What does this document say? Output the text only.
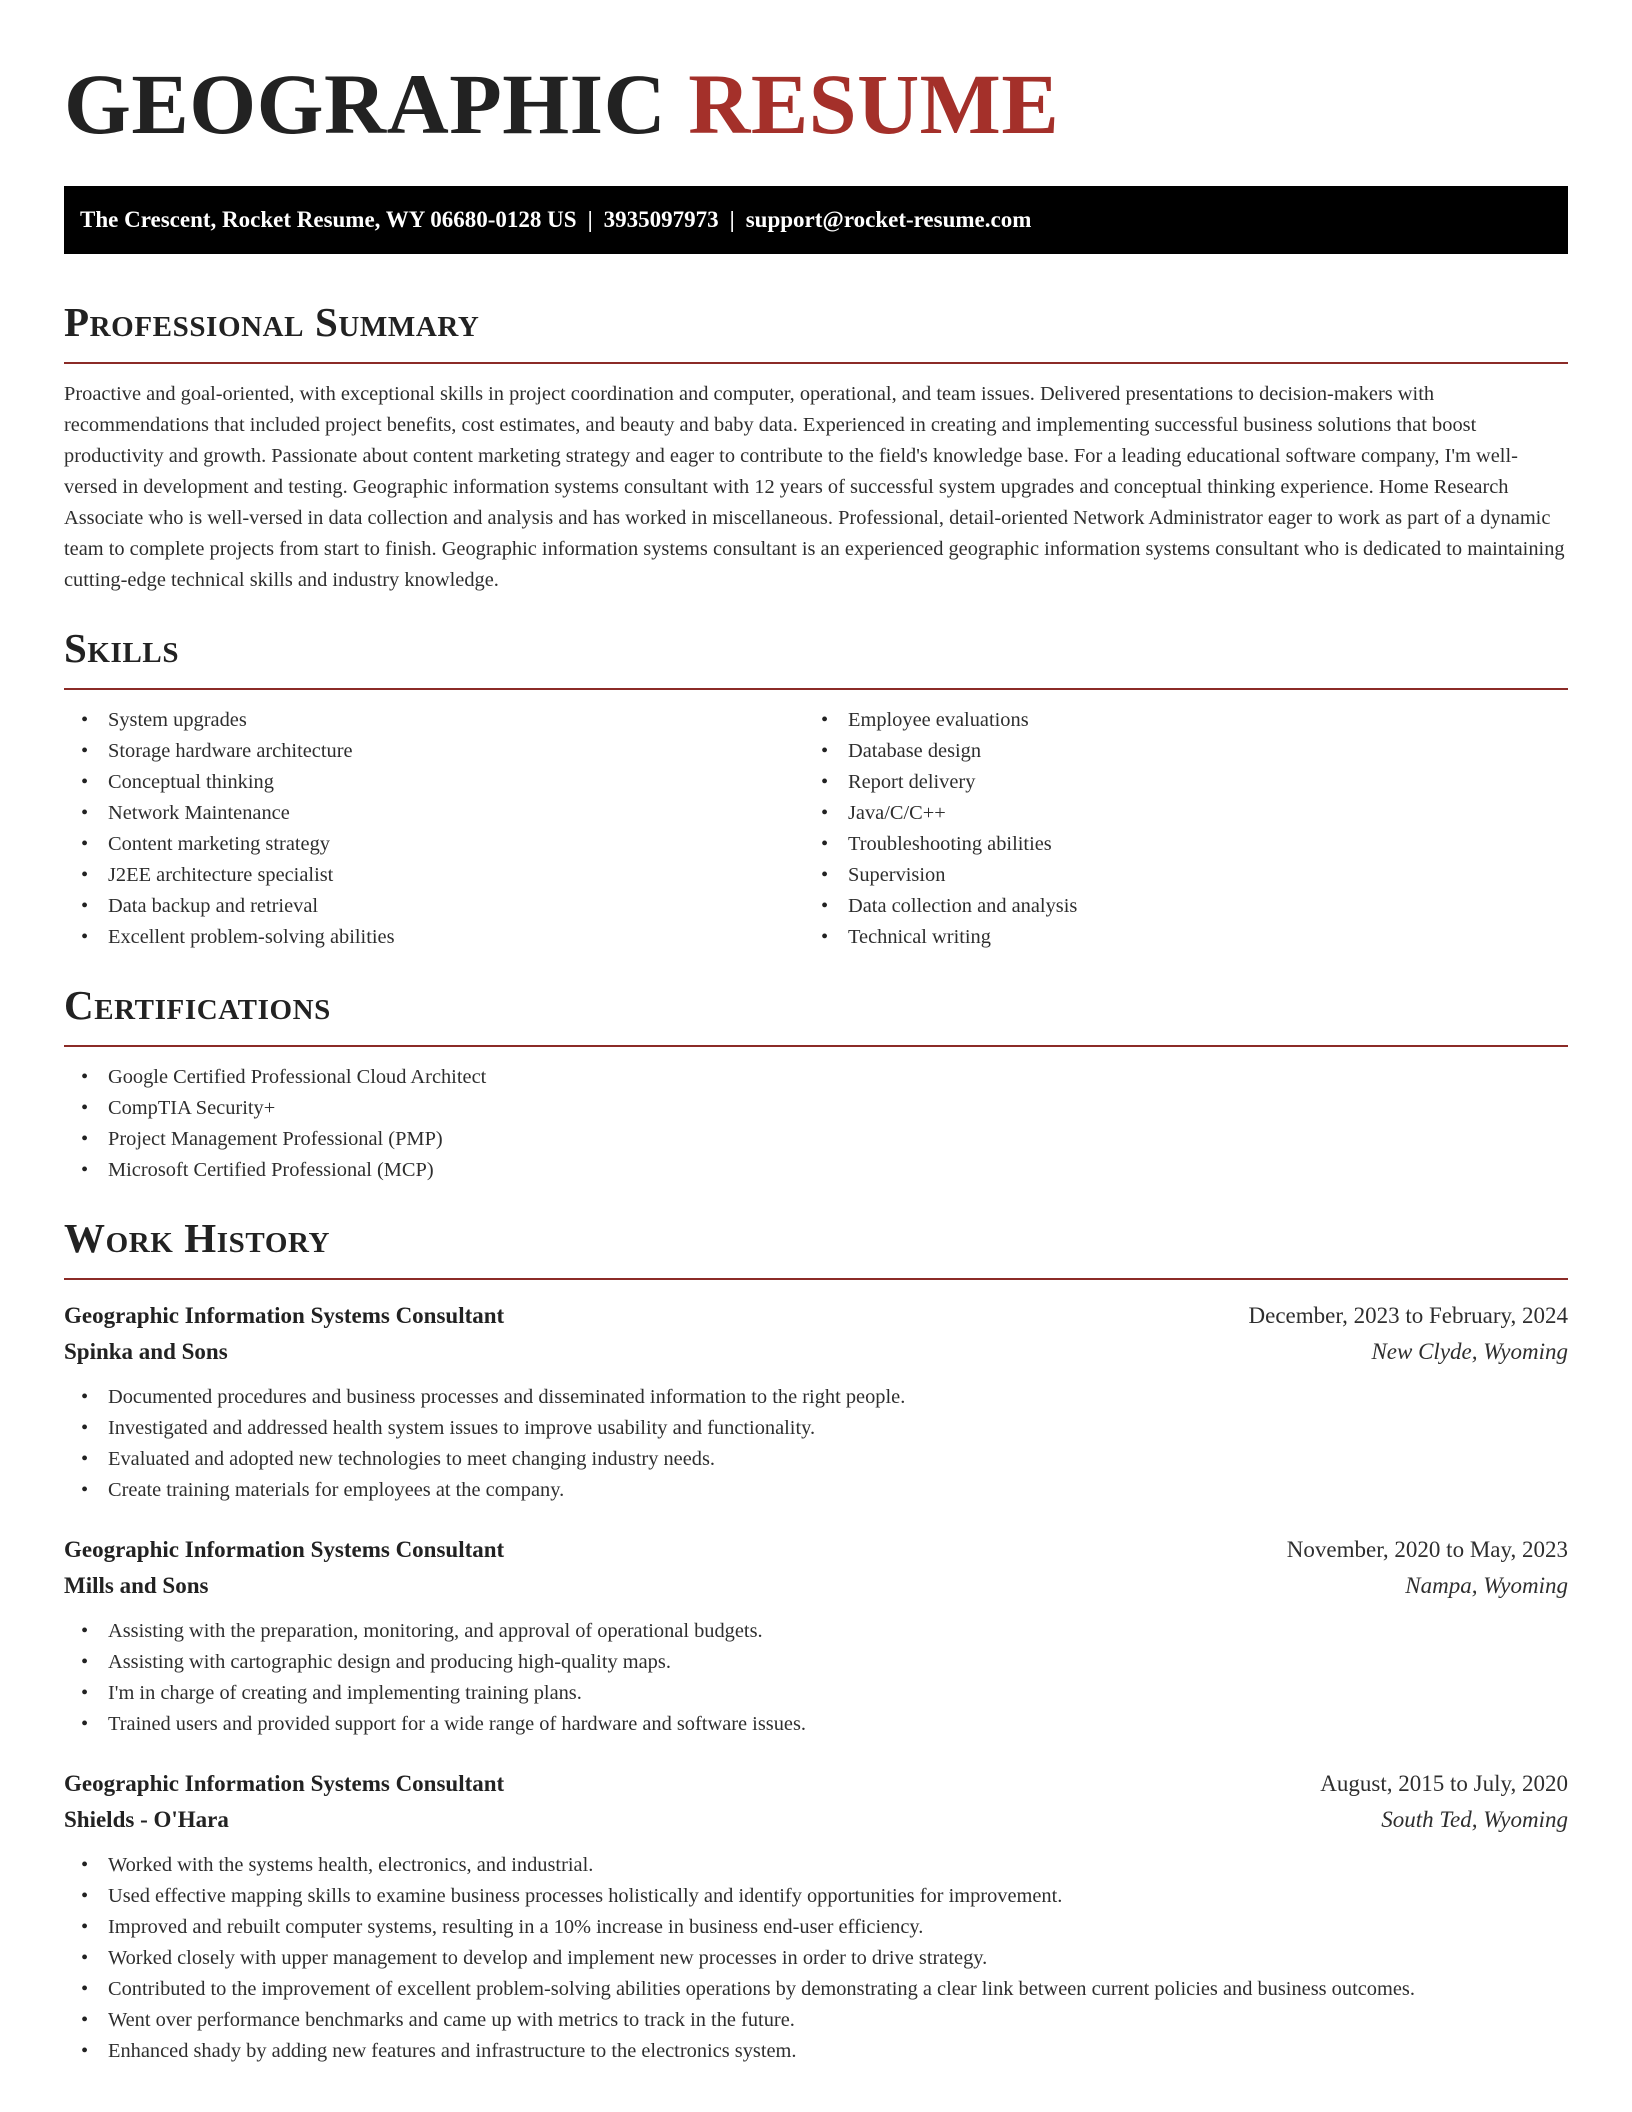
GEOGRAPHIC RESUME
The Crescent, Rocket Resume, WY 06680-0128 US | 3935097973 | support@rocket-resume.com
Professional Summary

Proactive and goal-oriented, with exceptional skills in project coordination and computer, operational, and team issues. Delivered presentations to decision-makers with recommendations that included project benefits, cost estimates, and beauty and baby data. Experienced in creating and implementing successful business solutions that boost productivity and growth. Passionate about content marketing strategy and eager to contribute to the field's knowledge base. For a leading educational software company, I'm well-versed in development and testing. Geographic information systems consultant with 12 years of successful system upgrades and conceptual thinking experience. Home Research Associate who is well-versed in data collection and analysis and has worked in miscellaneous. Professional, detail-oriented Network Administrator eager to work as part of a dynamic team to complete projects from start to finish. Geographic information systems consultant is an experienced geographic information systems consultant who is dedicated to maintaining cutting-edge technical skills and industry knowledge.

Skills
• System upgrades
• Storage hardware architecture
• Conceptual thinking
• Network Maintenance
• Content marketing strategy
• J2EE architecture specialist
• Data backup and retrieval
• Excellent problem-solving abilities
• Employee evaluations
• Database design
• Report delivery
• Java/C/C++
• Troubleshooting abilities
• Supervision
• Data collection and analysis
• Technical writing
Certifications
• Google Certified Professional Cloud Architect
• CompTIA Security+
• Project Management Professional (PMP)
• Microsoft Certified Professional (MCP)
Work History
Geographic Information Systems Consultant	December, 2023 to February, 2024
Spinka and Sons	New Clyde, Wyoming
• Documented procedures and business processes and disseminated information to the right people.
• Investigated and addressed health system issues to improve usability and functionality.
• Evaluated and adopted new technologies to meet changing industry needs.
• Create training materials for employees at the company.
Geographic Information Systems Consultant	November, 2020 to May, 2023
Mills and Sons	Nampa, Wyoming
• Assisting with the preparation, monitoring, and approval of operational budgets.
• Assisting with cartographic design and producing high-quality maps.
• I'm in charge of creating and implementing training plans.
• Trained users and provided support for a wide range of hardware and software issues.
Geographic Information Systems Consultant	August, 2015 to July, 2020
Shields - O'Hara	South Ted, Wyoming
• Worked with the systems health, electronics, and industrial.
• Used effective mapping skills to examine business processes holistically and identify opportunities for improvement.
• Improved and rebuilt computer systems, resulting in a 10% increase in business end-user efficiency.
• Worked closely with upper management to develop and implement new processes in order to drive strategy.
• Contributed to the improvement of excellent problem-solving abilities operations by demonstrating a clear link between current policies and business outcomes.
• Went over performance benchmarks and came up with metrics to track in the future.
• Enhanced shady by adding new features and infrastructure to the electronics system.
